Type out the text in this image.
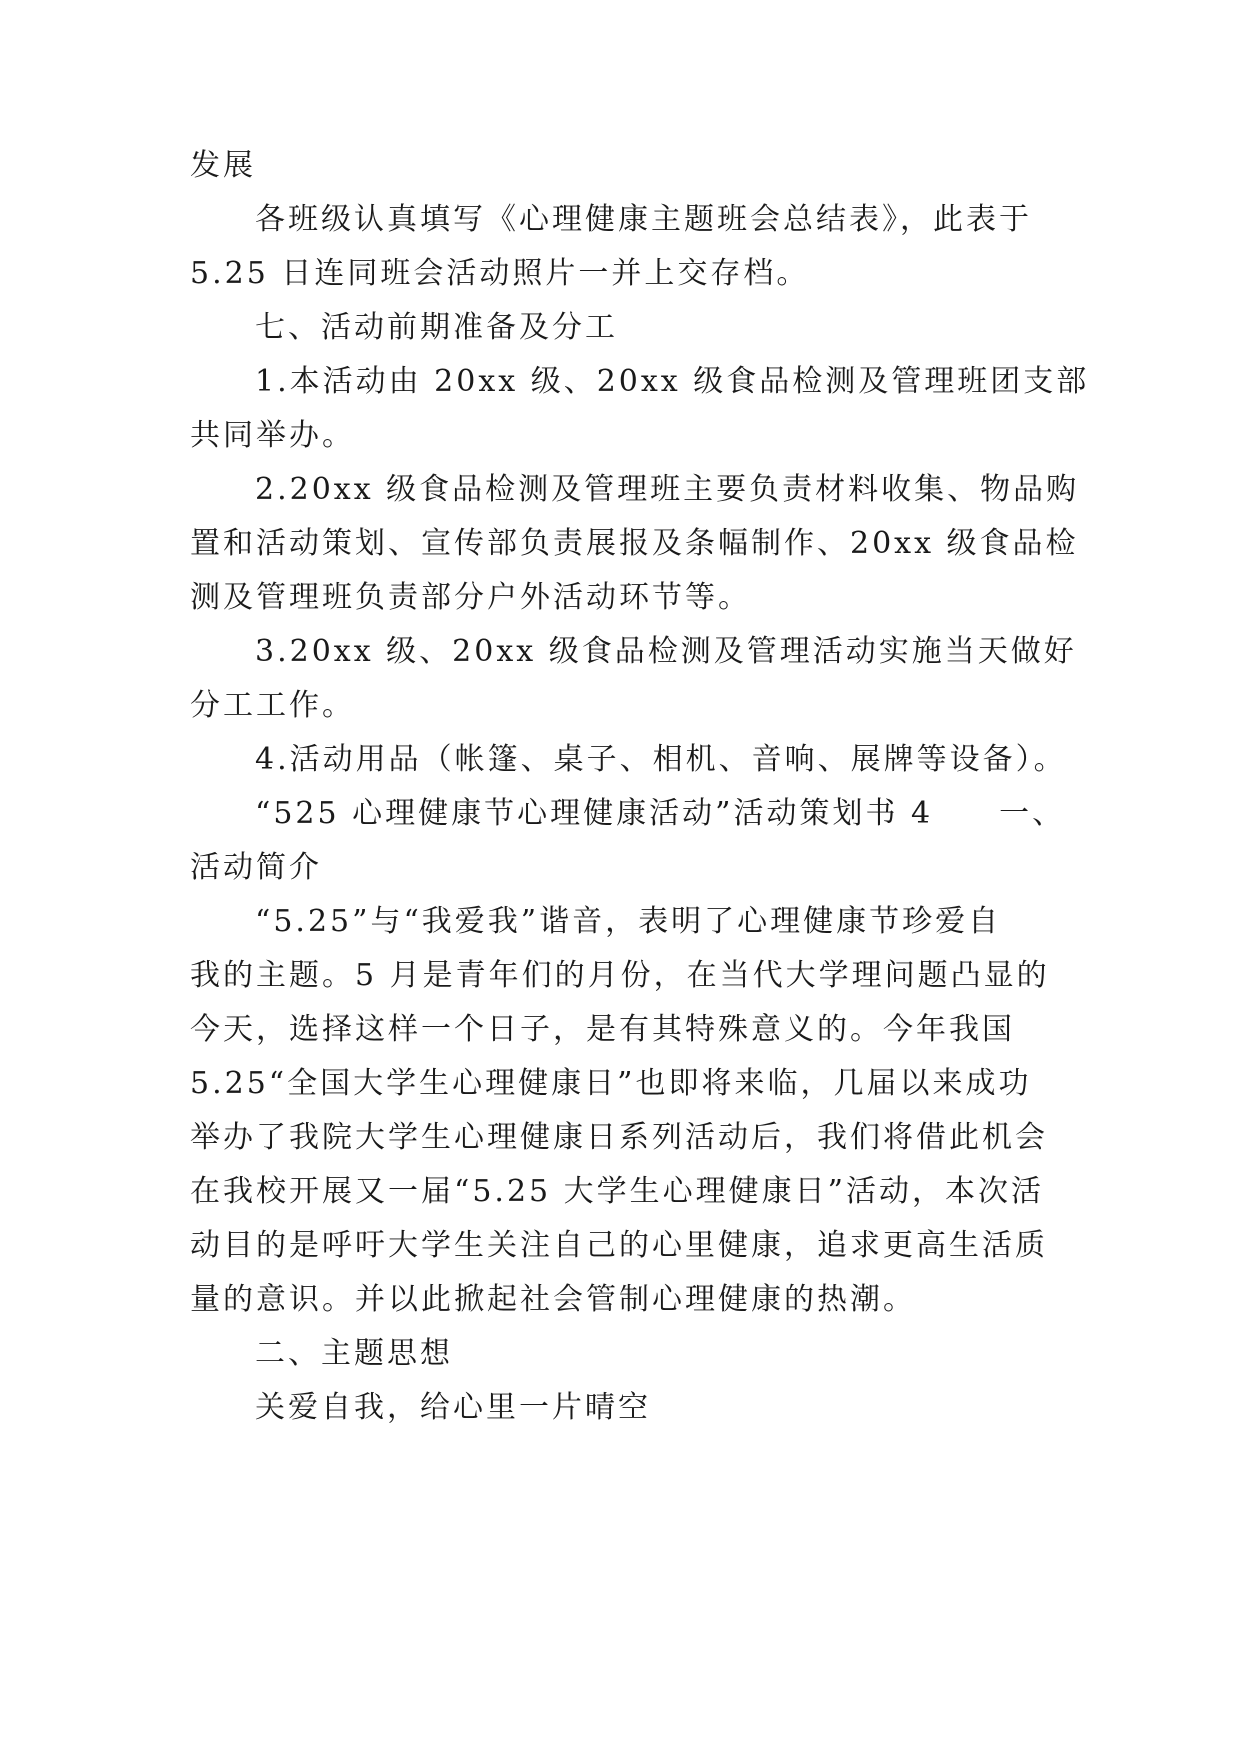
发展
各班级认真填写《心理健康主题班会总结表》，此表于
5.25 日连同班会活动照片一并上交存档。
七、活动前期准备及分工
1.本活动由 20xx 级、20xx 级食品检测及管理班团支部
共同举办。
2.20xx 级食品检测及管理班主要负责材料收集、物品购
置和活动策划、宣传部负责展报及条幅制作、20xx 级食品检
测及管理班负责部分户外活动环节等。
3.20xx 级、20xx 级食品检测及管理活动实施当天做好
分工工作。
4.活动用品（帐篷、桌子、相机、音响、展牌等设备）。
“525 心理健康节心理健康活动”活动策划书 4　　一、
活动简介
“5.25”与“我爱我”谐音，表明了心理健康节珍爱自
我的主题。5 月是青年们的月份，在当代大学理问题凸显的
今天，选择这样一个日子，是有其特殊意义的。今年我国
5.25“全国大学生心理健康日”也即将来临，几届以来成功
举办了我院大学生心理健康日系列活动后，我们将借此机会
在我校开展又一届“5.25 大学生心理健康日”活动，本次活
动目的是呼吁大学生关注自己的心里健康，追求更高生活质
量的意识。并以此掀起社会管制心理健康的热潮。
二、主题思想
关爱自我，给心里一片晴空
